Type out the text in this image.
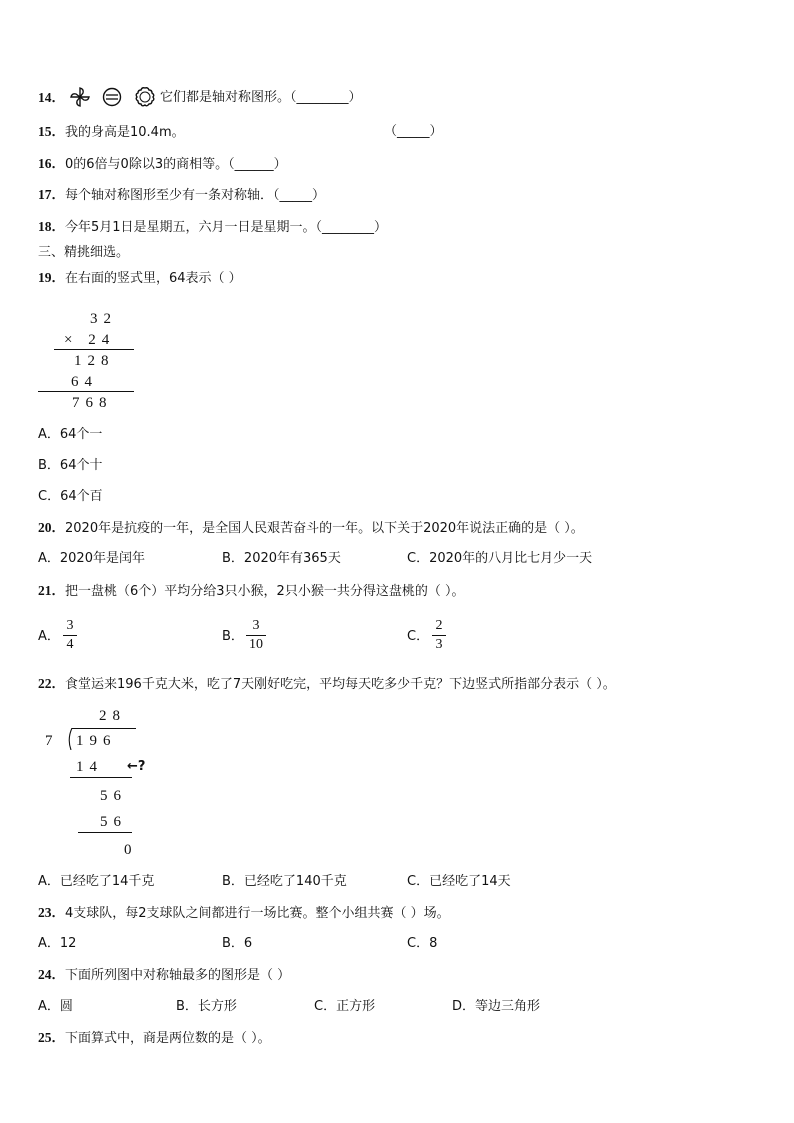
14．	它们都是轴对称图形。（________）
15．我的身高是10.4m。	（_____）
16．0的6倍与0除以3的商相等。（______）
17．每个轴对称图形至少有一条对称轴．（_____）
18．今年5月1日是星期五，六月一日是星期一。（________）
三、精挑细选。
19．在右面的竖式里，64表示（ ）
32
× 24
128
64
768
A．64个一
B．64个十
C．64个百
20．2020年是抗疫的一年，是全国人民艰苦奋斗的一年。以下关于2020年说法正确的是（ ）。
A．2020年是闰年	B．2020年有365天	C．2020年的八月比七月少一天
21．把一盘桃（6个）平均分给3只小猴，2只小猴一共分得这盘桃的（ ）。
A．
3
4
B．
3
10
C．
2
3
22．食堂运来196千克大米，吃了7天刚好吃完，平均每天吃多少千克？下边竖式所指部分表示（ ）。
28
7 196
14 ←?
56
56
0
A．已经吃了14千克	B．已经吃了140千克	C．已经吃了14天
23．4支球队，每2支球队之间都进行一场比赛。整个小组共赛（ ）场。
A．12	B．6	C．8
24．下面所列图中对称轴最多的图形是（ ）
A．圆	B．长方形	C．正方形	D．等边三角形
25．下面算式中，商是两位数的是（ ）。
